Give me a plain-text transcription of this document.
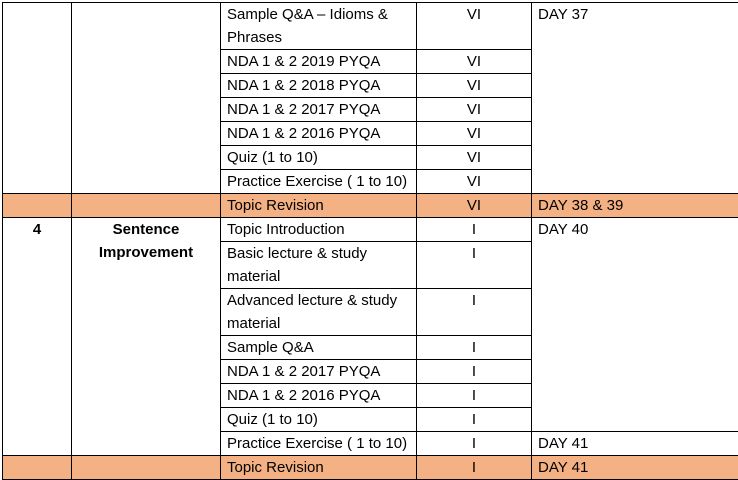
		Sample Q&A – Idioms & Phrases	VI	DAY 37
		NDA 1 & 2 2019 PYQA	VI	
		NDA 1 & 2 2018 PYQA	VI	
		NDA 1 & 2 2017 PYQA	VI	
		NDA 1 & 2 2016 PYQA	VI	
		Quiz (1 to 10)	VI	
		Practice Exercise ( 1 to 10)	VI	
		Topic Revision	VI	DAY 38 & 39
4	Sentence Improvement	Topic Introduction	I	DAY 40
		Basic lecture & study material	I	
		Advanced lecture & study material	I	
		Sample Q&A	I	
		NDA 1 & 2 2017 PYQA	I	
		NDA 1 & 2 2016 PYQA	I	
		Quiz (1 to 10)	I	
		Practice Exercise ( 1 to 10)	I	DAY 41
		Topic Revision	I	DAY 41
